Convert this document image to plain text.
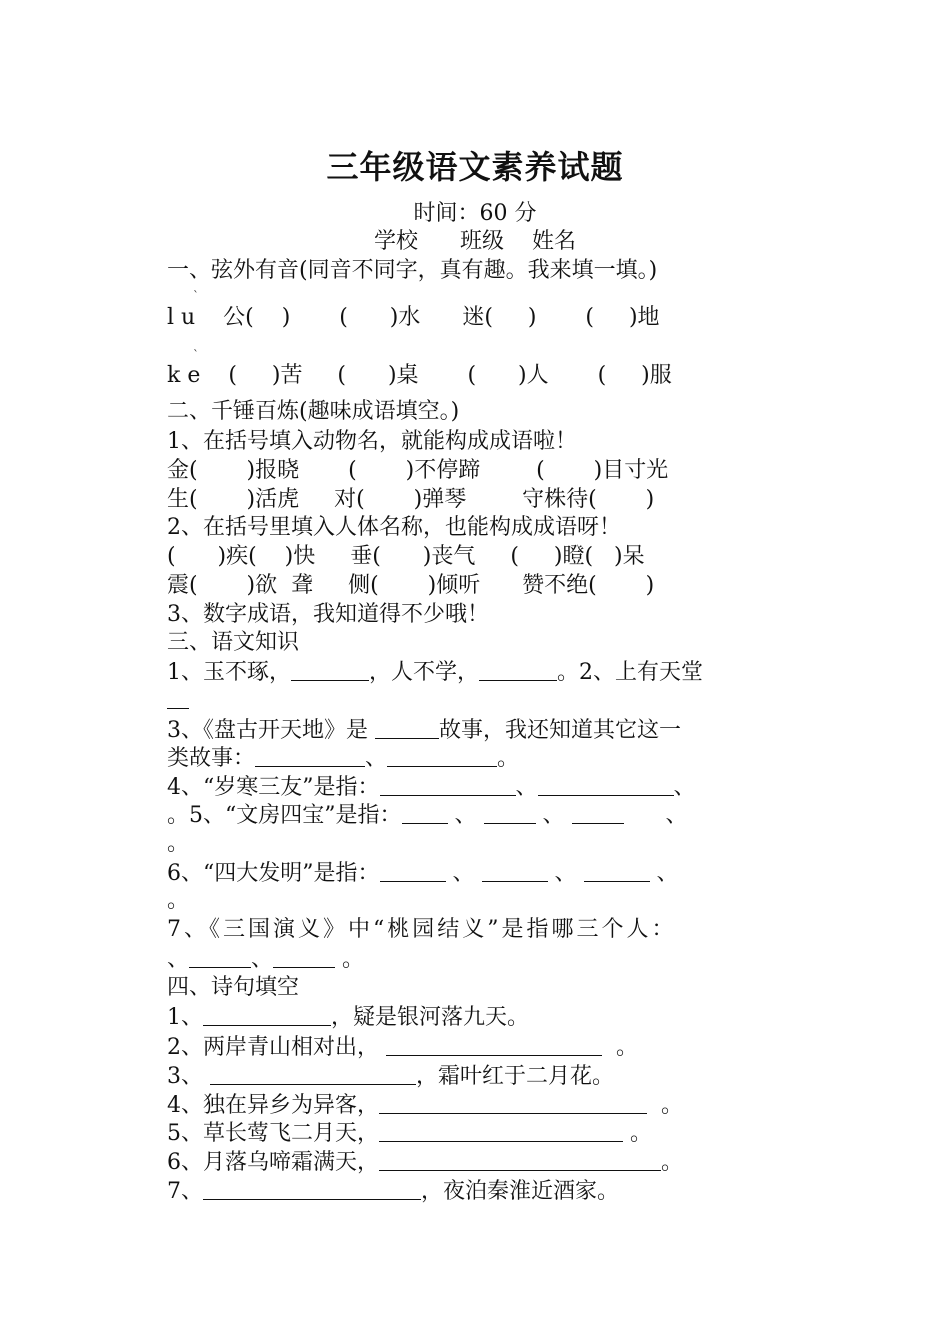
三年级语文素养试题
时间：60 分
学校      班级    姓名
一、弦外有音(同音不同字，真有趣。我来填一填。)
ˋ
l u    公(    )       (      )水      迷(     )       (     )地
ˋ
k e    (     )苦     (      )桌       (      )人       (     )服
二、千锤百炼(趣味成语填空。)
1、在括号填入动物名，就能构成成语啦！
金(       )报晓       (       )不停蹄        (       )目寸光
生(       )活虎     对(       )弹琴        守株待(       )
2、在括号里填入人体名称，也能构成成语呀！
(      )疾(    )快     垂(      )丧气     (     )瞪(   )呆
震(       )欲  聋     侧(       )倾听      赞不绝(       )
3、数字成语，我知道得不少哦！
三、语文知识
1、玉不琢，	，人不学，	。2、上有天堂
3、《盘古开天地》是	故事，我还知道其它这一
类故事：	、	。
4、“岁寒三友”是指：	、	、
。5、“文房四宝”是指： 、  、       、
。
6、“四大发明”是指：	、	、	、
。
7、《三国演义》中“桃园结义”是指哪三个人：
、	、	。
四、诗句填空
1、	，疑是银河落九天。
2、两岸青山相对出，	。
3、	，霜叶红于二月花。
4、独在异乡为异客，	。
5、草长莺飞二月天，	。
6、月落乌啼霜满天，	。
7、	，夜泊秦淮近酒家。
